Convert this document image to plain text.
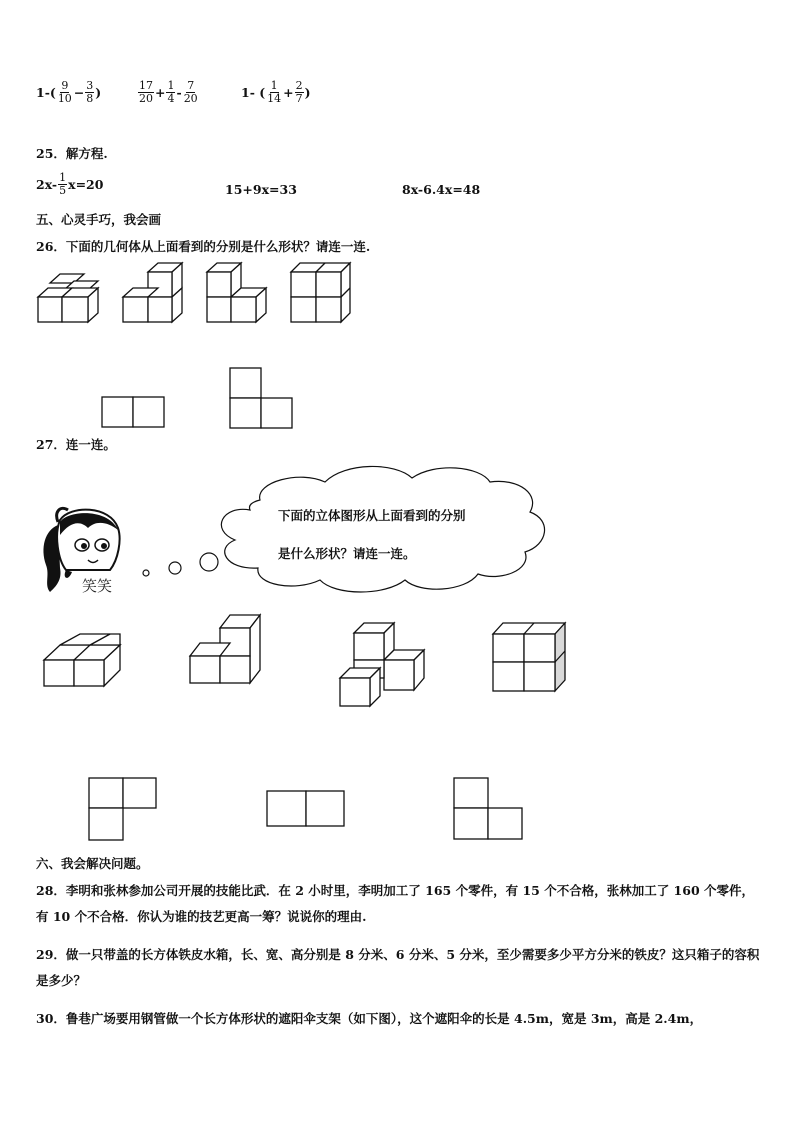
$1-( \frac{9}{10} - \frac{3}{8}$ )	$\frac{17}{20} + \frac{1}{4} - \frac{7}{20}$	1- ( $\frac{1}{14} + \frac{2}{7}$ )
25．解方程.
$2x- \frac{1}{5} x=20$	15+9x=33	8x-6.4x=48
五、心灵手巧，我会画
26．下面的几何体从上面看到的分别是什么形状？请连一连.
27．连一连。
笑笑
下面的立体图形从上面看到的分别
是什么形状？请连一连。
六、我会解决问题。
28．李明和张林参加公司开展的技能比武．在 2 小时里，李明加工了 165 个零件，有 15 个不合格，张林加工了 160 个零件，有 10 个不合格．你认为谁的技艺更高一筹？说说你的理由.
29．做一只带盖的长方体铁皮水箱，长、宽、高分别是 8 分米、6 分米、5 分米，至少需要多少平方分米的铁皮？这只箱子的容积是多少？
30．鲁巷广场要用钢管做一个长方体形状的遮阳伞支架（如下图），这个遮阳伞的长是 4.5m，宽是 3m，高是 2.4m，
